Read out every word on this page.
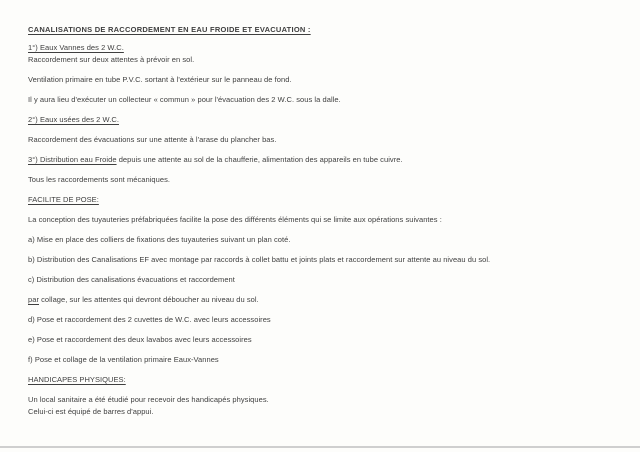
CANALISATIONS DE RACCORDEMENT EN EAU FROIDE ET EVACUATION :
1°) Eaux Vannes des 2 W.C.
Raccordement sur deux attentes à prévoir en sol.
Ventilation primaire en tube P.V.C. sortant à l'extérieur sur le panneau de fond.
Il y aura lieu d'exécuter un collecteur « commun » pour l'évacuation des 2 W.C. sous la dalle.
2°) Eaux usées des 2 W.C.
Raccordement des évacuations sur une attente à l'arase du plancher bas.
3°) Distribution eau Froide depuis une attente au sol de la chaufferie, alimentation des appareils en tube cuivre.
Tous les raccordements sont mécaniques.
FACILITE DE POSE:
La conception des tuyauteries préfabriquées facilite la pose des différents éléments qui se limite aux opérations suivantes :
a) Mise en place des colliers de fixations des tuyauteries suivant un plan coté.
b) Distribution des Canalisations EF avec montage par raccords à collet battu et joints plats et raccordement sur attente au niveau du sol.
c) Distribution des canalisations évacuations et raccordement
par collage, sur les attentes qui devront déboucher au niveau du sol.
d) Pose et raccordement des 2 cuvettes de W.C. avec leurs accessoires
e) Pose et raccordement des deux lavabos avec leurs accessoires
f) Pose et collage de la ventilation primaire Eaux-Vannes
HANDICAPES PHYSIQUES:
Un local sanitaire a été étudié pour recevoir des handicapés physiques.
Celui-ci est équipé de barres d'appui.
